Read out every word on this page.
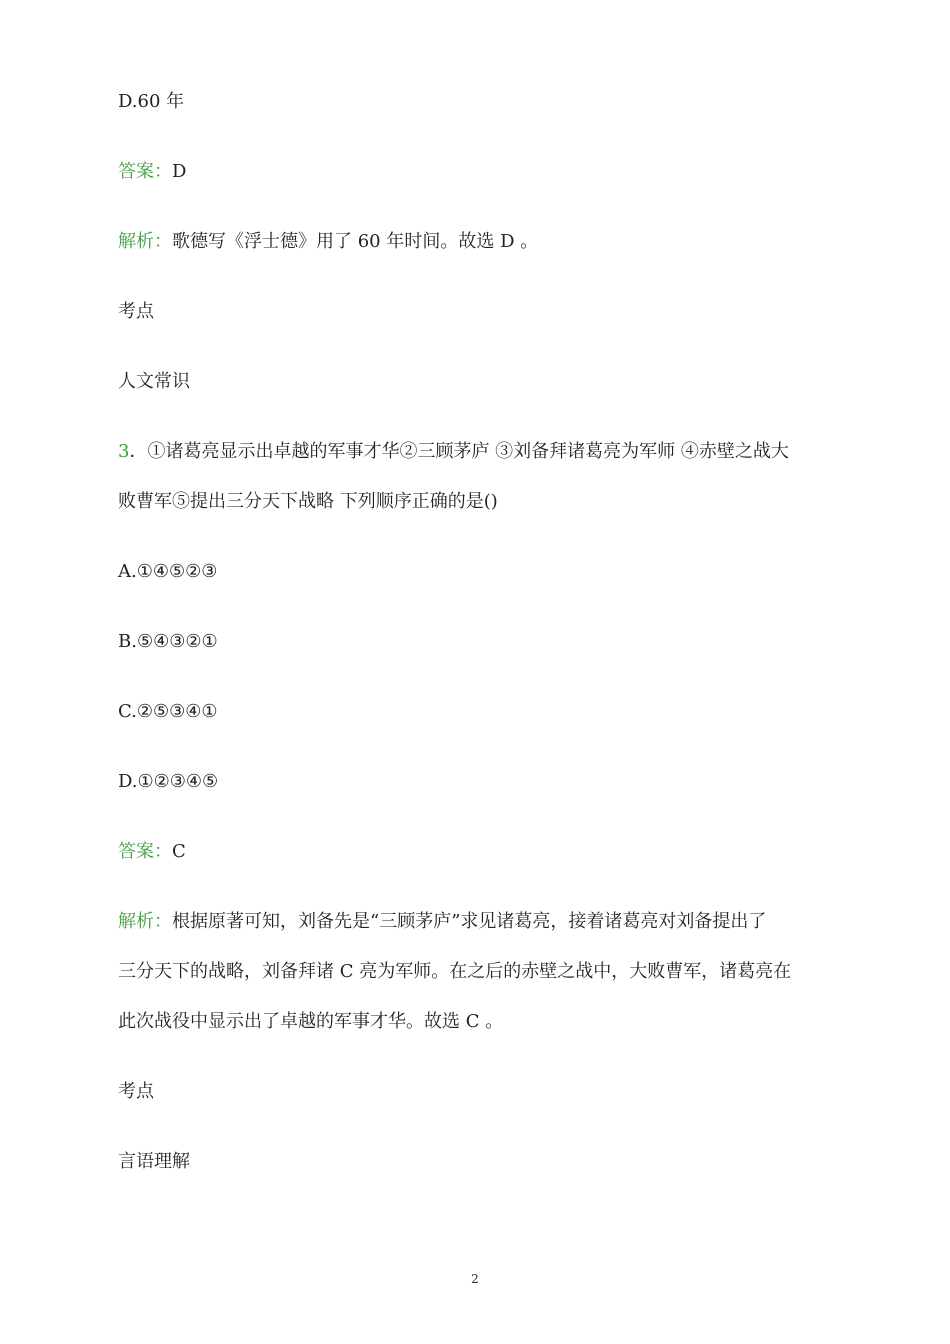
D.60 年
答案：D
解析：歌德写《浮士德》用了 60 年时间。故选 D 。
考点
人文常识
3．①诸葛亮显示出卓越的军事才华②三顾茅庐 ③刘备拜诸葛亮为军师 ④赤壁之战大
败曹军⑤提出三分天下战略 下列顺序正确的是()
A.①④⑤②③
B.⑤④③②①
C.②⑤③④①
D.①②③④⑤
答案：C
解析：根据原著可知，刘备先是“三顾茅庐”求见诸葛亮，接着诸葛亮对刘备提出了
三分天下的战略，刘备拜诸 C 亮为军师。在之后的赤壁之战中，大败曹军，诸葛亮在
此次战役中显示出了卓越的军事才华。故选 C 。
考点
言语理解
2
